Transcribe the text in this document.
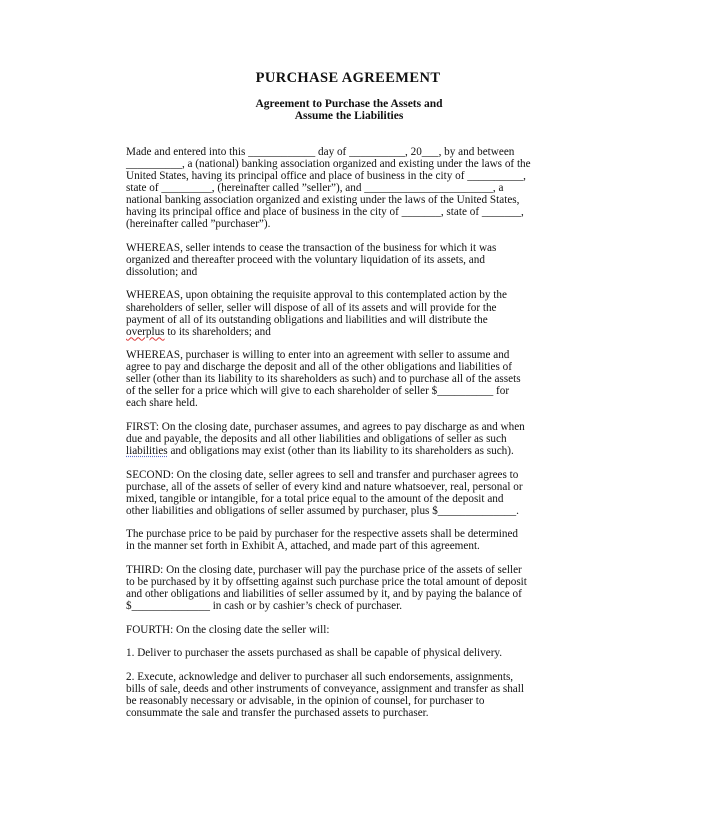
PURCHASE AGREEMENT
Agreement to Purchase the Assets and
Assume the Liabilities
Made and entered into this ____________ day of __________, 20___, by and between
__________, a (national) banking association organized and existing under the laws of the
United States, having its principal office and place of business in the city of __________,
state of _________, (hereinafter called ”seller”), and _______________________, a
national banking association organized and existing under the laws of the United States,
having its principal office and place of business in the city of _______, state of _______,
(hereinafter called ”purchaser”).
WHEREAS, seller intends to cease the transaction of the business for which it was
organized and thereafter proceed with the voluntary liquidation of its assets, and
dissolution; and
WHEREAS, upon obtaining the requisite approval to this contemplated action by the
shareholders of seller, seller will dispose of all of its assets and will provide for the
payment of all of its outstanding obligations and liabilities and will distribute the
overplus to its shareholders; and
WHEREAS, purchaser is willing to enter into an agreement with seller to assume and
agree to pay and discharge the deposit and all of the other obligations and liabilities of
seller (other than its liability to its shareholders as such) and to purchase all of the assets
of the seller for a price which will give to each shareholder of seller $__________ for
each share held.
FIRST: On the closing date, purchaser assumes, and agrees to pay discharge as and when
due and payable, the deposits and all other liabilities and obligations of seller as such
liabilities and obligations may exist (other than its liability to its shareholders as such).
SECOND: On the closing date, seller agrees to sell and transfer and purchaser agrees to
purchase, all of the assets of seller of every kind and nature whatsoever, real, personal or
mixed, tangible or intangible, for a total price equal to the amount of the deposit and
other liabilities and obligations of seller assumed by purchaser, plus $______________.
The purchase price to be paid by purchaser for the respective assets shall be determined
in the manner set forth in Exhibit A, attached, and made part of this agreement.
THIRD: On the closing date, purchaser will pay the purchase price of the assets of seller
to be purchased by it by offsetting against such purchase price the total amount of deposit
and other obligations and liabilities of seller assumed by it, and by paying the balance of
$______________ in cash or by cashier’s check of purchaser.
FOURTH: On the closing date the seller will:
1. Deliver to purchaser the assets purchased as shall be capable of physical delivery.
2. Execute, acknowledge and deliver to purchaser all such endorsements, assignments,
bills of sale, deeds and other instruments of conveyance, assignment and transfer as shall
be reasonably necessary or advisable, in the opinion of counsel, for purchaser to
consummate the sale and transfer the purchased assets to purchaser.
